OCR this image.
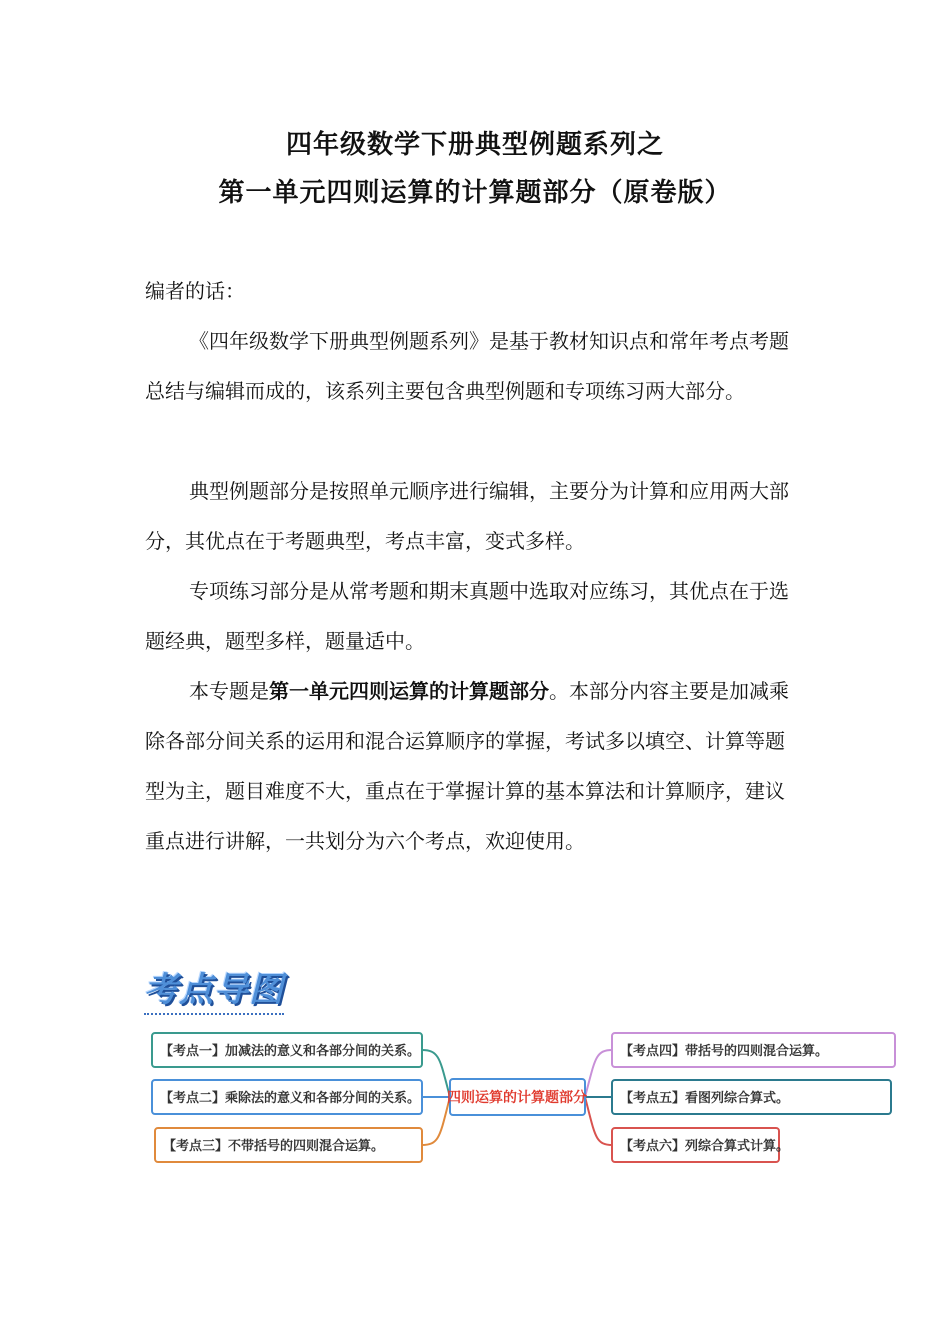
四年级数学下册典型例题系列之
第一单元四则运算的计算题部分（原卷版）

编者的话：

《四年级数学下册典型例题系列》是基于教材知识点和常年考点考题总结与编辑而成的，该系列主要包含典型例题和专项练习两大部分。

典型例题部分是按照单元顺序进行编辑，主要分为计算和应用两大部分，其优点在于考题典型，考点丰富，变式多样。

专项练习部分是从常考题和期末真题中选取对应练习，其优点在于选题经典，题型多样，题量适中。

本专题是第一单元四则运算的计算题部分。本部分内容主要是加减乘除各部分间关系的运用和混合运算顺序的掌握，考试多以填空、计算等题型为主，题目难度不大，重点在于掌握计算的基本算法和计算顺序，建议重点进行讲解，一共划分为六个考点，欢迎使用。

考点导图
四则运算的计算题部分
【考点一】加减法的意义和各部分间的关系。
【考点二】乘除法的意义和各部分间的关系。
【考点三】不带括号的四则混合运算。
【考点四】带括号的四则混合运算。
【考点五】看图列综合算式。
【考点六】列综合算式计算。
